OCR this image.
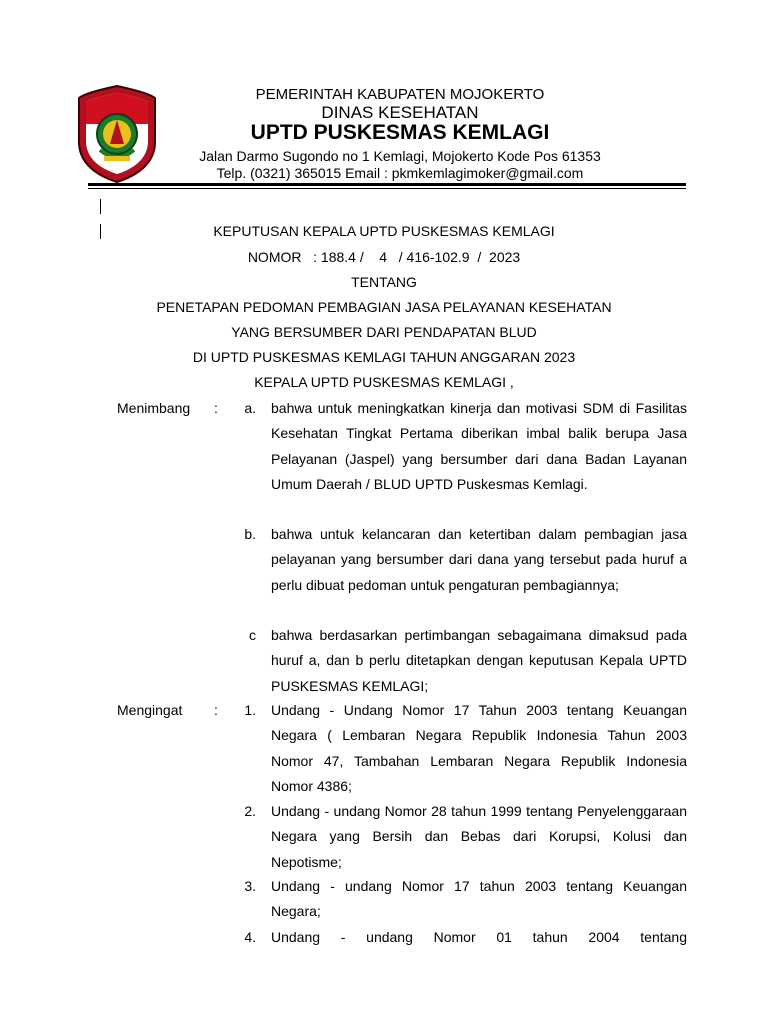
PEMERINTAH KABUPATEN MOJOKERTO
DINAS KESEHATAN
UPTD PUSKESMAS KEMLAGI
Jalan Darmo Sugondo no 1 Kemlagi, Mojokerto Kode Pos 61353
Telp. (0321) 365015 Email : pkmkemlagimoker@gmail.com
KEPUTUSAN KEPALA UPTD PUSKESMAS KEMLAGI
NOMOR   : 188.4 /    4   / 416-102.9  /  2023
TENTANG
PENETAPAN PEDOMAN PEMBAGIAN JASA PELAYANAN KESEHATAN
YANG BERSUMBER DARI PENDAPATAN BLUD
DI UPTD PUSKESMAS KEMLAGI TAHUN ANGGARAN 2023
KEPALA UPTD PUSKESMAS KEMLAGI ,
Menimbang :	a. bahwa untuk meningkatkan kinerja dan motivasi SDM di Fasilitas Kesehatan Tingkat Pertama diberikan imbal balik berupa Jasa Pelayanan (Jaspel) yang bersumber dari dana Badan Layanan Umum Daerah / BLUD UPTD Puskesmas Kemlagi.
b. bahwa untuk kelancaran dan ketertiban dalam pembagian jasa pelayanan yang bersumber dari dana yang tersebut pada huruf a perlu dibuat pedoman untuk pengaturan pembagiannya;
c bahwa berdasarkan pertimbangan sebagaimana dimaksud pada huruf a, dan b perlu ditetapkan dengan keputusan Kepala UPTD PUSKESMAS KEMLAGI;
Mengingat :	1. Undang - Undang Nomor 17 Tahun 2003 tentang Keuangan Negara ( Lembaran Negara Republik Indonesia Tahun 2003 Nomor 47, Tambahan Lembaran Negara Republik Indonesia Nomor 4386;
2. Undang - undang Nomor 28 tahun 1999 tentang Penyelenggaraan Negara yang Bersih dan Bebas dari Korupsi, Kolusi dan Nepotisme;
3. Undang - undang Nomor 17 tahun 2003 tentang Keuangan Negara;
4. Undang - undang Nomor 01 tahun 2004 tentang
